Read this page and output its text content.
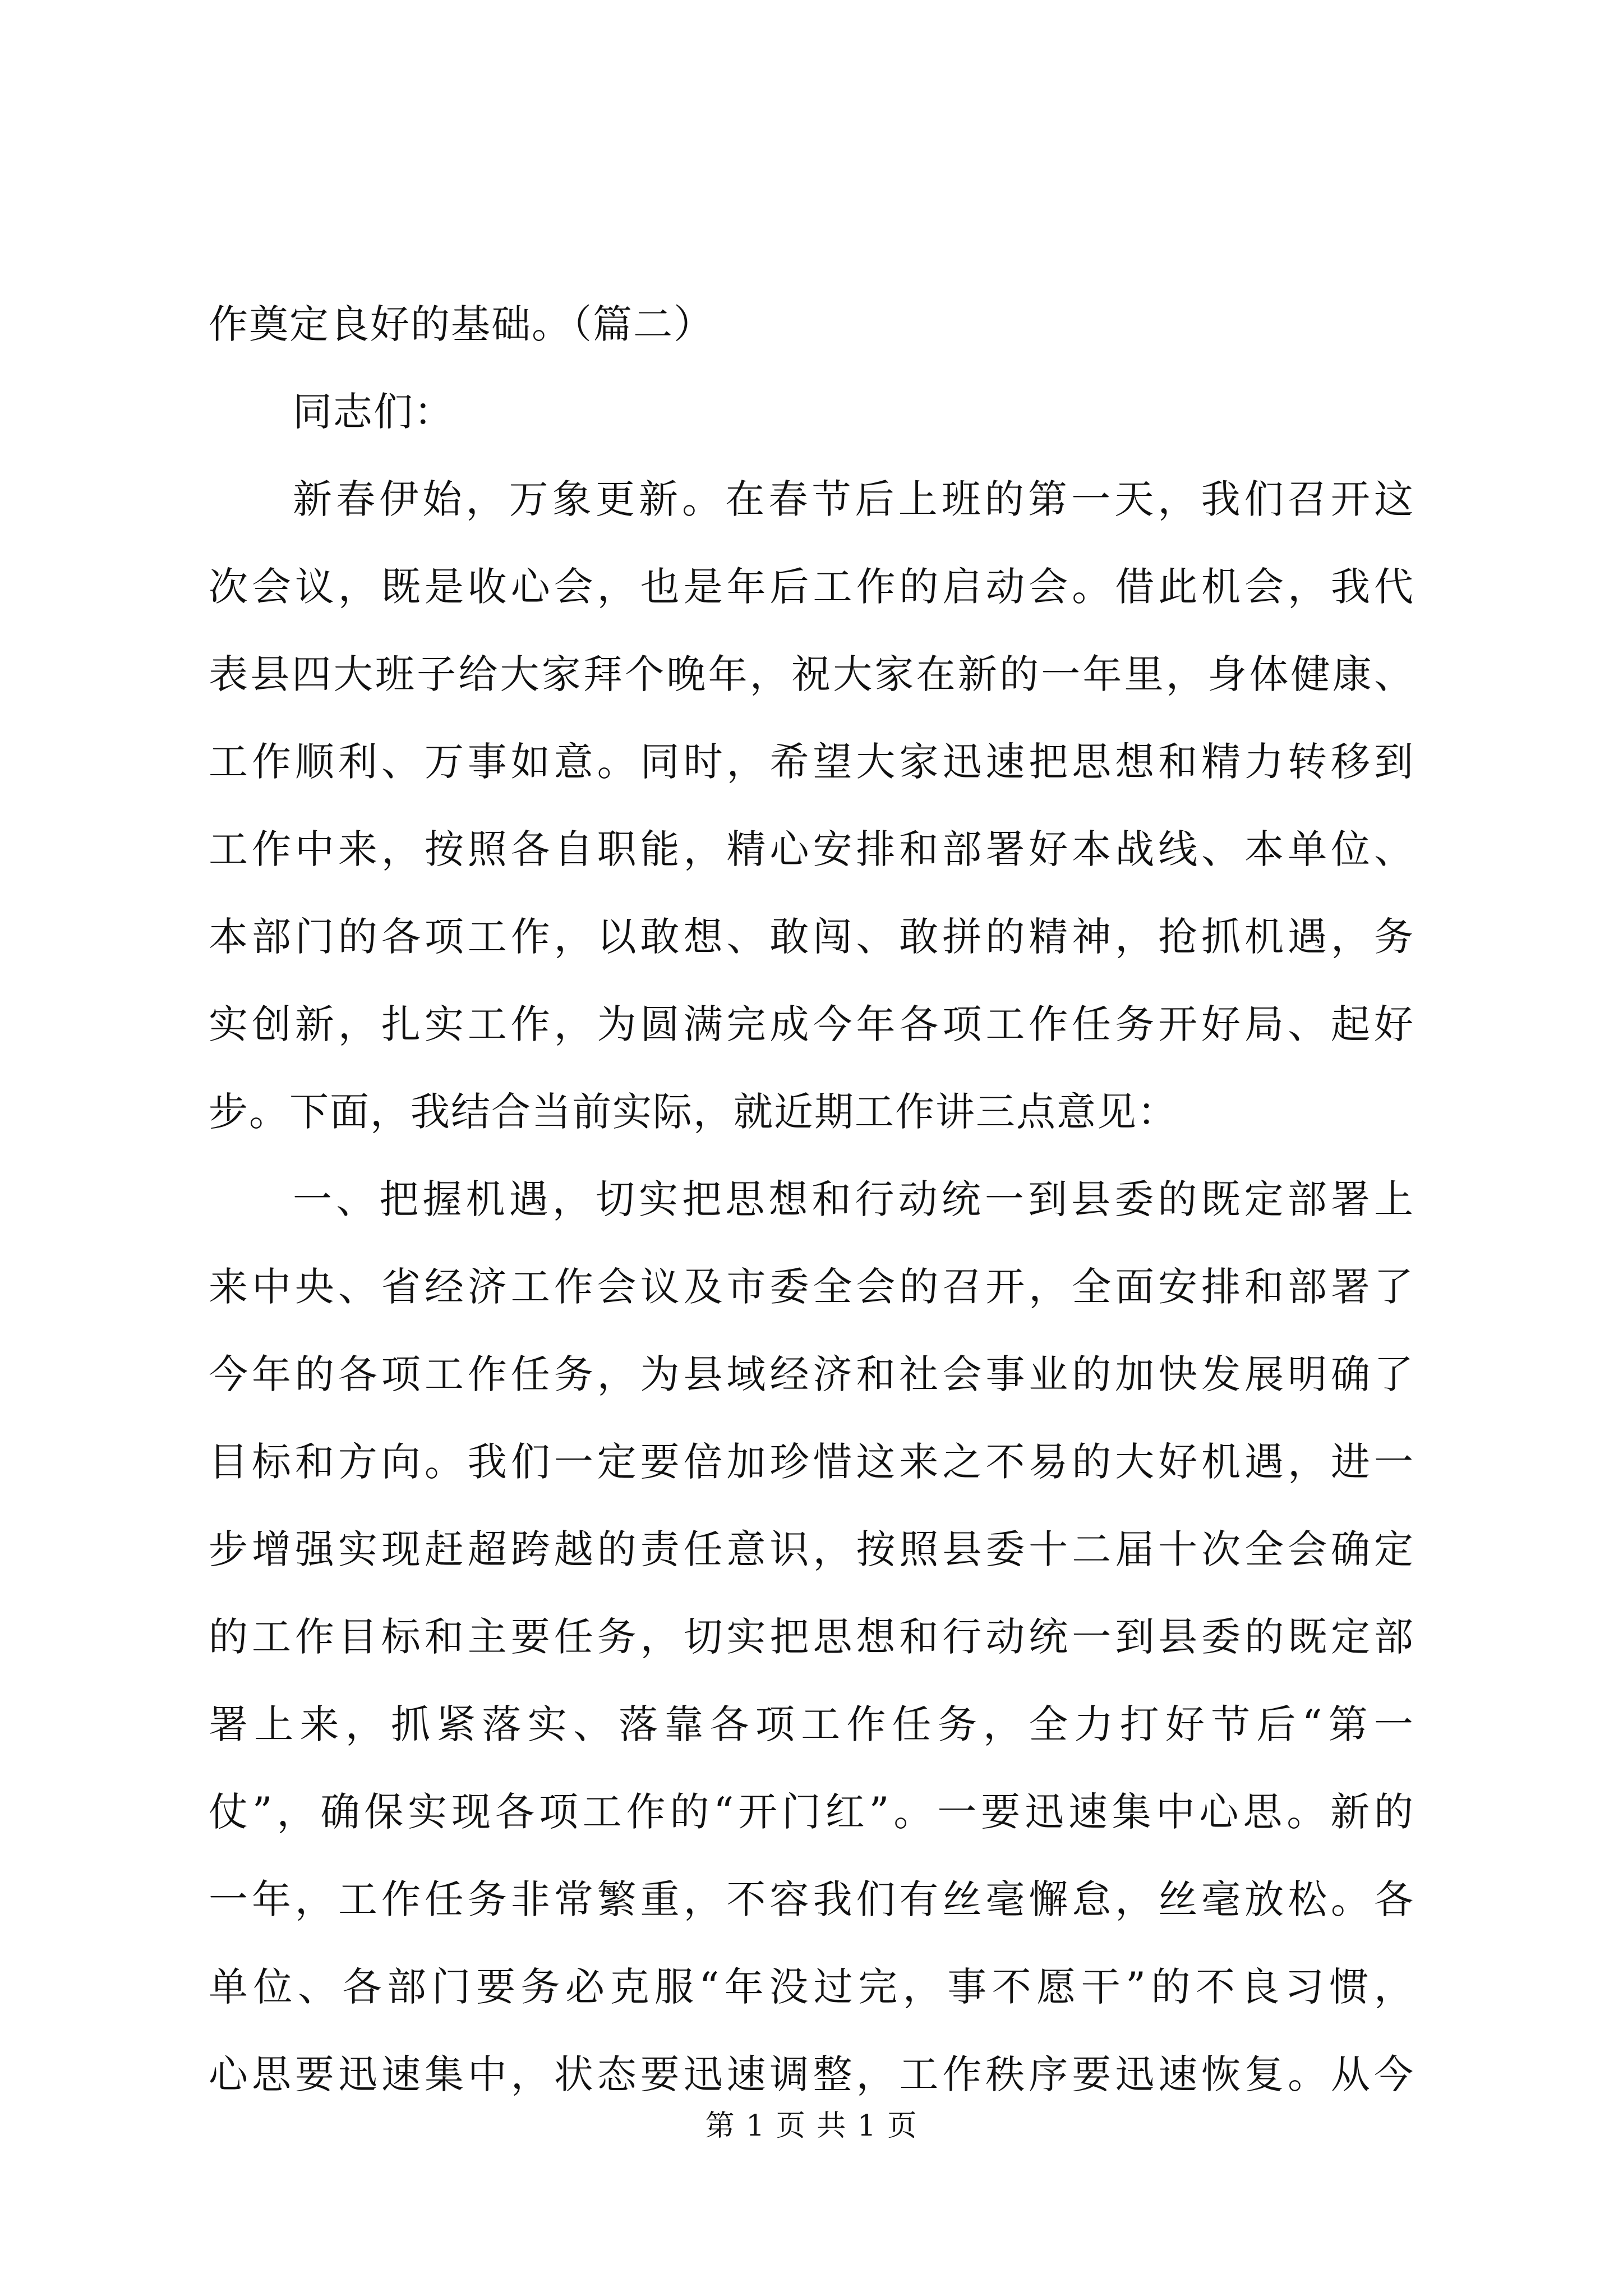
作奠定良好的基础。（篇二）
同志们：
新春伊始，万象更新。在春节后上班的第一天，我们召开这
次会议，既是收心会，也是年后工作的启动会。借此机会，我代
表县四大班子给大家拜个晚年，祝大家在新的一年里，身体健康、
工作顺利、万事如意。同时，希望大家迅速把思想和精力转移到
工作中来，按照各自职能，精心安排和部署好本战线、本单位、
本部门的各项工作，以敢想、敢闯、敢拼的精神，抢抓机遇，务
实创新，扎实工作，为圆满完成今年各项工作任务开好局、起好
步。下面，我结合当前实际，就近期工作讲三点意见：
一、把握机遇，切实把思想和行动统一到县委的既定部署上
来中央、省经济工作会议及市委全会的召开，全面安排和部署了
今年的各项工作任务，为县域经济和社会事业的加快发展明确了
目标和方向。我们一定要倍加珍惜这来之不易的大好机遇，进一
步增强实现赶超跨越的责任意识，按照县委十二届十次全会确定
的工作目标和主要任务，切实把思想和行动统一到县委的既定部
署上来，抓紧落实、落靠各项工作任务，全力打好节后“第一
仗”，确保实现各项工作的“开门红”。一要迅速集中心思。新的
一年，工作任务非常繁重，不容我们有丝毫懈怠，丝毫放松。各
单位、各部门要务必克服“年没过完，事不愿干”的不良习惯，
心思要迅速集中，状态要迅速调整，工作秩序要迅速恢复。从今
第 1 页 共 1 页
